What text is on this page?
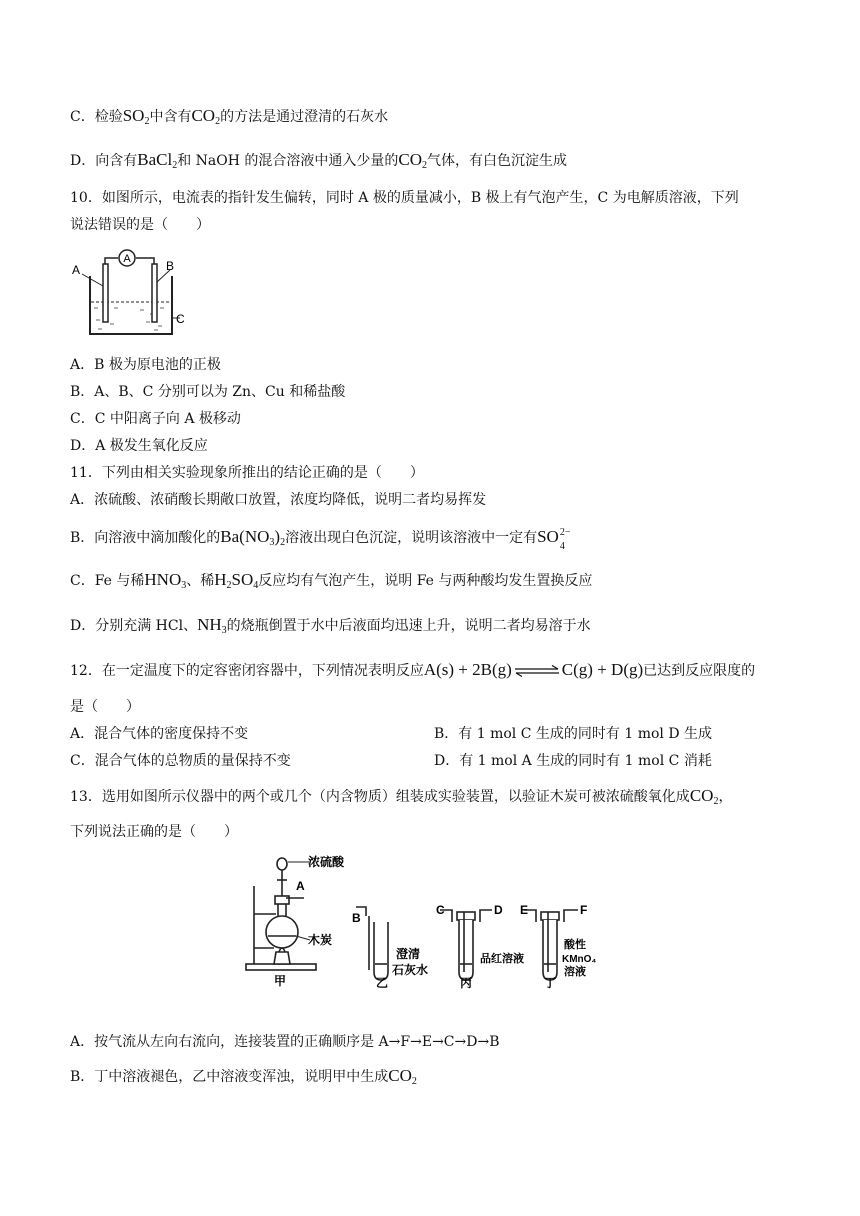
C．检验$SO_2$中含有$CO_2$的方法是通过澄清的石灰水
D．向含有BaCl$_2$和 NaOH 的混合溶液中通入少量的$CO_2$气体，有白色沉淀生成
10．如图所示，电流表的指针发生偏转，同时 A 极的质量减小，B 极上有气泡产生，C 为电解质溶液，下列
说法错误的是（　　）
A
A	B
C
A．B 极为原电池的正极
B．A、B、C 分别可以为 Zn、Cu 和稀盐酸
C．C 中阳离子向 A 极移动
D．A 极发生氧化反应
11．下列由相关实验现象所推出的结论正确的是（　　）
A．浓硫酸、浓硝酸长期敞口放置，浓度均降低，说明二者均易挥发
B．向溶液中滴加酸化的$Ba(NO_3)_2$溶液出现白色沉淀，说明该溶液中一定有SO 2−
4
C．Fe 与稀$HNO_3$、稀$H_2SO_4$反应均有气泡产生，说明 Fe 与两种酸均发生置换反应
D．分别充满 HCl、$NH_3$的烧瓶倒置于水中后液面均迅速上升，说明二者均易溶于水
12．在一定温度下的定容密闭容器中，下列情况表明反应A(s) + 2B(g) ⇌ C(g) + D(g)已达到反应限度的
是（　　）
A．混合气体的密度保持不变	B．有 1 mol C 生成的同时有 1 mol D 生成
C．混合气体的总物质的量保持不变	D．有 1 mol A 生成的同时有 1 mol C 消耗
13．选用如图所示仪器中的两个或几个（内含物质）组装成实验装置，以验证木炭可被浓硫酸氧化成$CO_2$，
下列说法正确的是（　　）
浓硫酸
A
木炭
甲
B
澄清
石灰水
乙
C	D
品红溶液
丙
E	F
酸性
KMnO₄
溶液
丁
A．按气流从左向右流向，连接装置的正确顺序是 A→F→E→C→D→B
B．丁中溶液褪色，乙中溶液变浑浊，说明甲中生成$CO_2$
